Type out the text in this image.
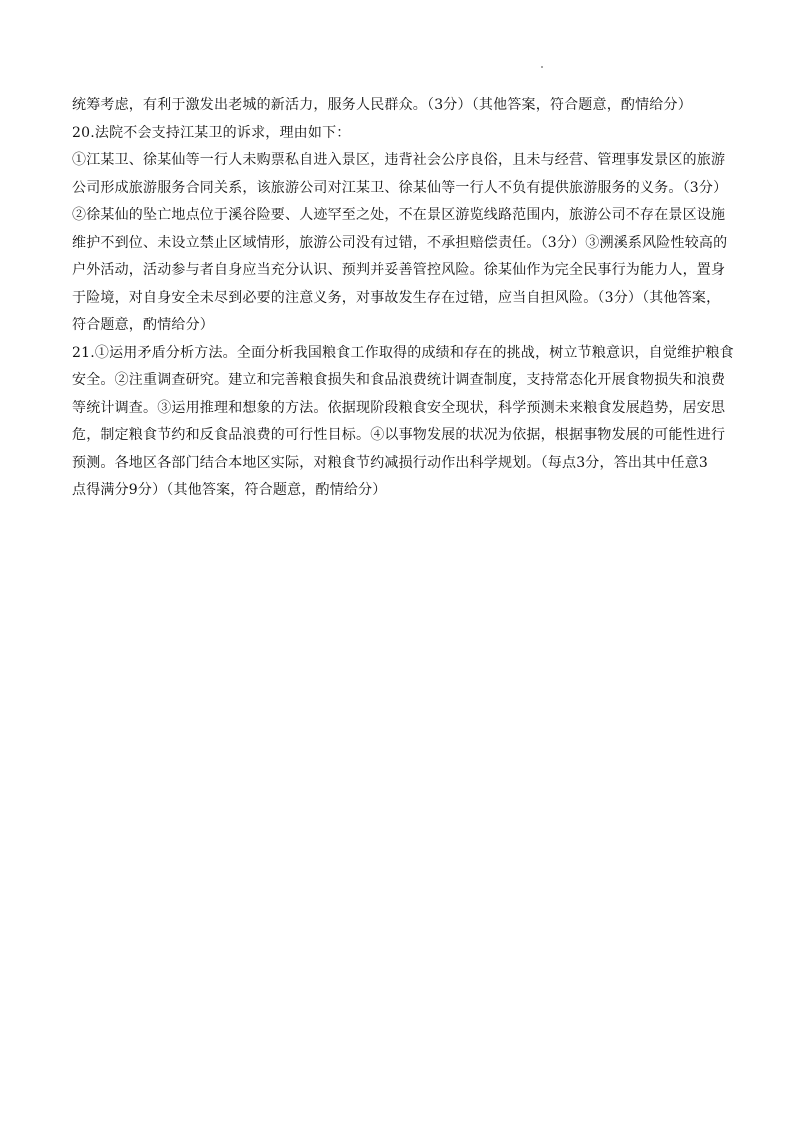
统筹考虑，有利于激发出老城的新活力，服务人民群众。（3分）（其他答案，符合题意，酌情给分）

20.法院不会支持江某卫的诉求，理由如下：

①江某卫、徐某仙等一行人未购票私自进入景区，违背社会公序良俗，且未与经营、管理事发景区的旅游

公司形成旅游服务合同关系，该旅游公司对江某卫、徐某仙等一行人不负有提供旅游服务的义务。（3分）

②徐某仙的坠亡地点位于溪谷险要、人迹罕至之处，不在景区游览线路范围内，旅游公司不存在景区设施

维护不到位、未设立禁止区域情形，旅游公司没有过错，不承担赔偿责任。（3分）③溯溪系风险性较高的

户外活动，活动参与者自身应当充分认识、预判并妥善管控风险。徐某仙作为完全民事行为能力人，置身

于险境，对自身安全未尽到必要的注意义务，对事故发生存在过错，应当自担风险。（3分）（其他答案，

符合题意，酌情给分）

21.①运用矛盾分析方法。全面分析我国粮食工作取得的成绩和存在的挑战，树立节粮意识，自觉维护粮食

安全。②注重调查研究。建立和完善粮食损失和食品浪费统计调查制度，支持常态化开展食物损失和浪费

等统计调查。③运用推理和想象的方法。依据现阶段粮食安全现状，科学预测未来粮食发展趋势，居安思

危，制定粮食节约和反食品浪费的可行性目标。④以事物发展的状况为依据，根据事物发展的可能性进行

预测。各地区各部门结合本地区实际，对粮食节约减损行动作出科学规划。（每点3分，答出其中任意3

点得满分9分）（其他答案，符合题意，酌情给分）
